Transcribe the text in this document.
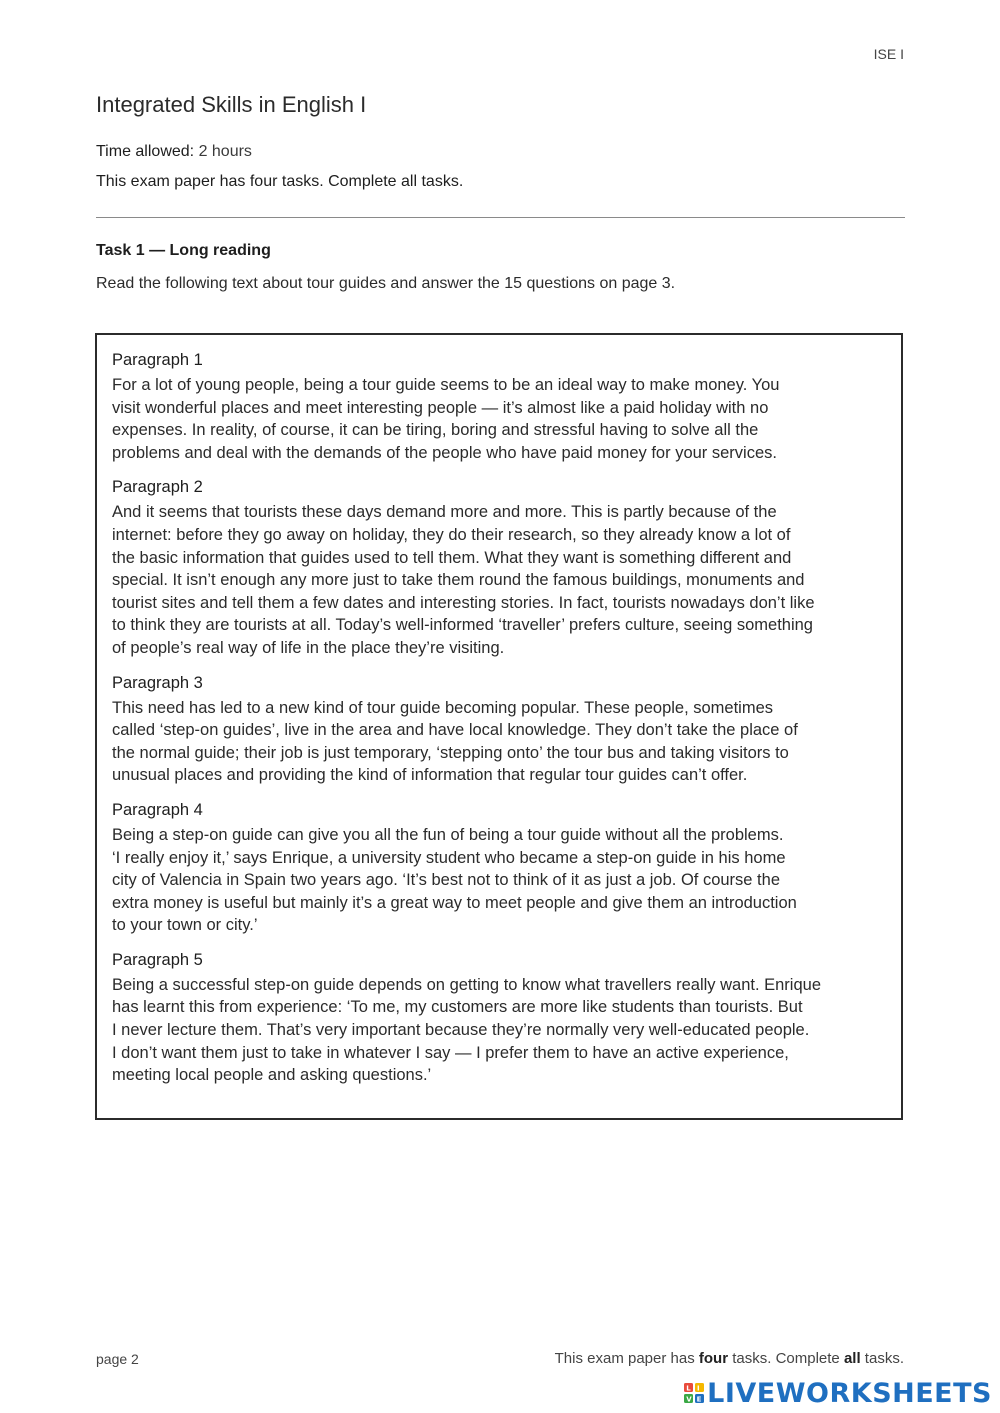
ISE I
Integrated Skills in English I
Time allowed: 2 hours
This exam paper has four tasks. Complete all tasks.
Task 1 — Long reading
Read the following text about tour guides and answer the 15 questions on page 3.
Paragraph 1
For a lot of young people, being a tour guide seems to be an ideal way to make money. You
visit wonderful places and meet interesting people — it’s almost like a paid holiday with no
expenses. In reality, of course, it can be tiring, boring and stressful having to solve all the
problems and deal with the demands of the people who have paid money for your services.
Paragraph 2
And it seems that tourists these days demand more and more. This is partly because of the
internet: before they go away on holiday, they do their research, so they already know a lot of
the basic information that guides used to tell them. What they want is something different and
special. It isn’t enough any more just to take them round the famous buildings, monuments and
tourist sites and tell them a few dates and interesting stories. In fact, tourists nowadays don’t like
to think they are tourists at all. Today’s well-informed ‘traveller’ prefers culture, seeing something
of people’s real way of life in the place they’re visiting.
Paragraph 3
This need has led to a new kind of tour guide becoming popular. These people, sometimes
called ‘step-on guides’, live in the area and have local knowledge. They don’t take the place of
the normal guide; their job is just temporary, ‘stepping onto’ the tour bus and taking visitors to
unusual places and providing the kind of information that regular tour guides can’t offer.
Paragraph 4
Being a step-on guide can give you all the fun of being a tour guide without all the problems.
‘I really enjoy it,’ says Enrique, a university student who became a step-on guide in his home
city of Valencia in Spain two years ago. ‘It’s best not to think of it as just a job. Of course the
extra money is useful but mainly it’s a great way to meet people and give them an introduction
to your town or city.’
Paragraph 5
Being a successful step-on guide depends on getting to know what travellers really want. Enrique
has learnt this from experience: ‘To me, my customers are more like students than tourists. But
I never lecture them. That’s very important because they’re normally very well-educated people.
I don’t want them just to take in whatever I say — I prefer them to have an active experience,
meeting local people and asking questions.’
page 2	This exam paper has four tasks. Complete all tasks.
L I
V E LIVEWORKSHEETS
